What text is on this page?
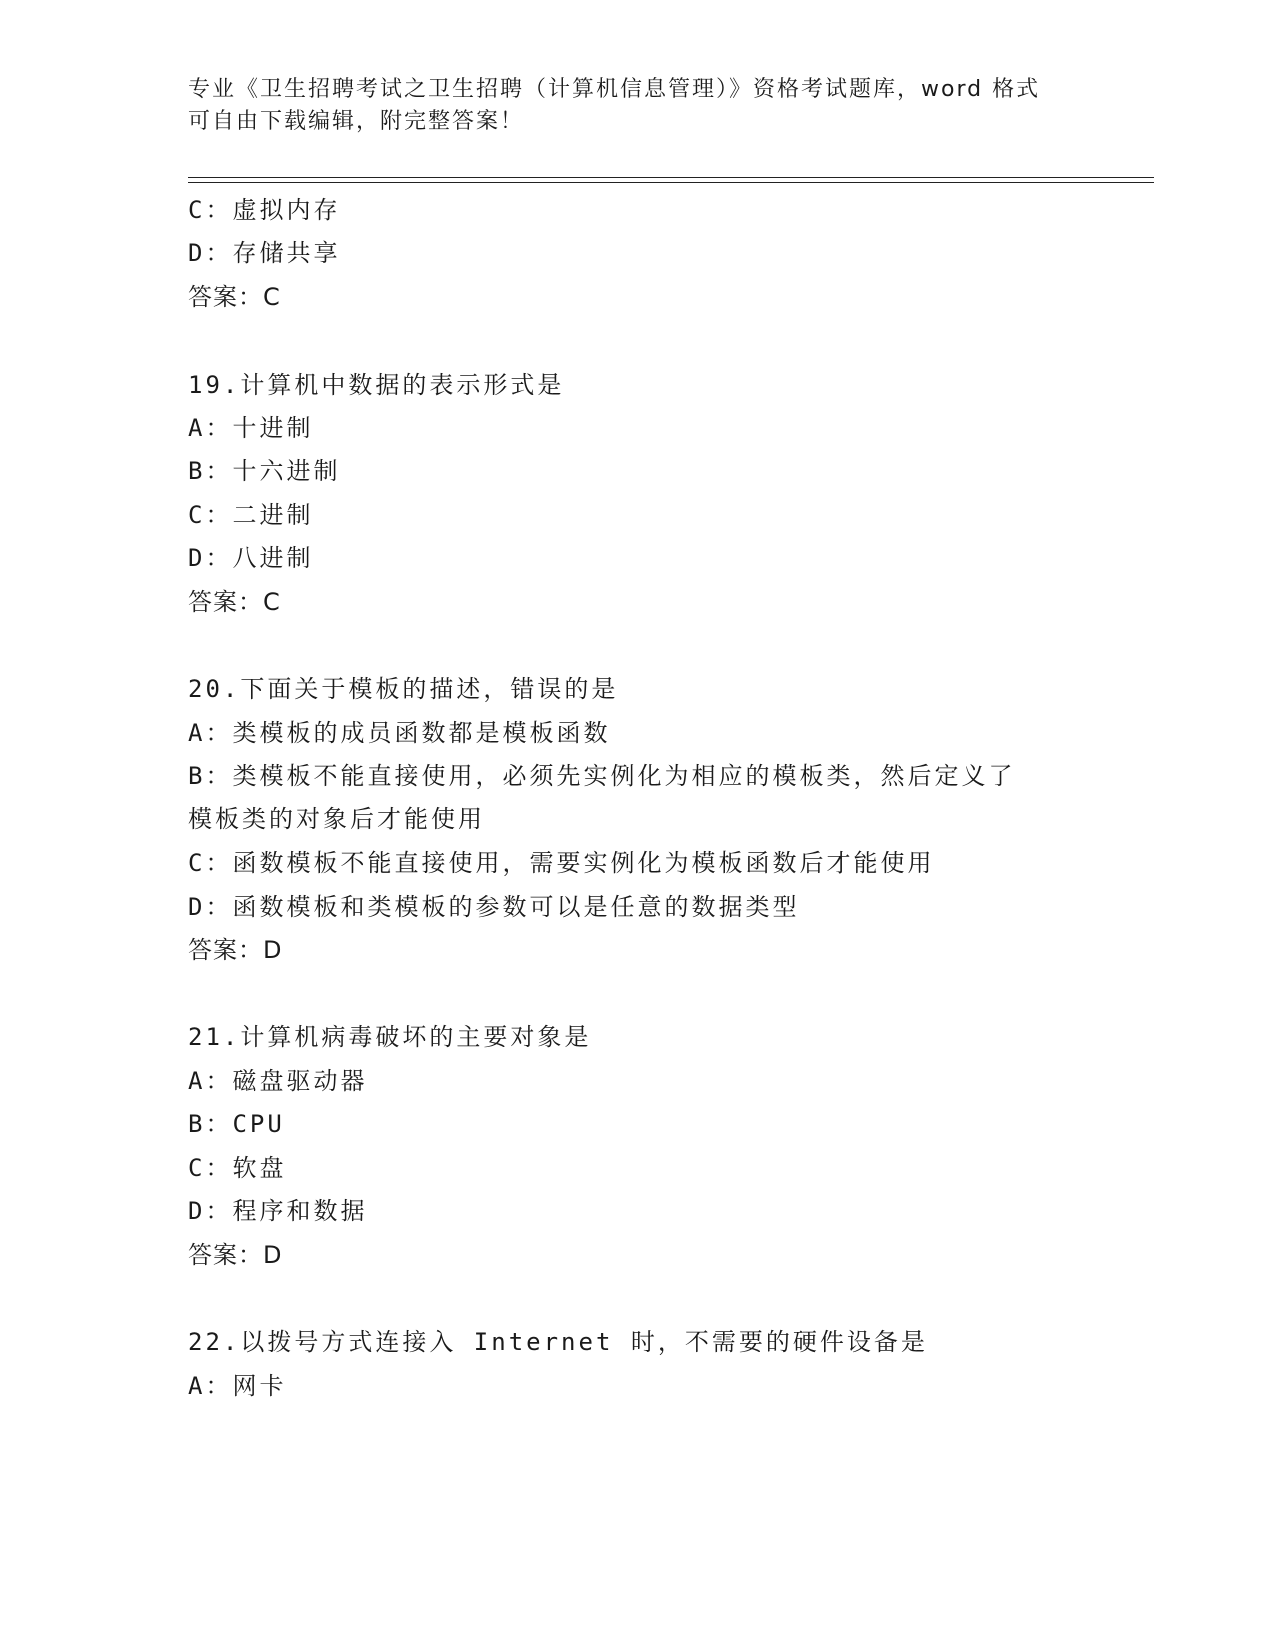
专业《卫生招聘考试之卫生招聘（计算机信息管理）》资格考试题库，word 格式
可自由下载编辑，附完整答案！
C：虚拟内存
D：存储共享
答案：C
19.计算机中数据的表示形式是
A：十进制
B：十六进制
C：二进制
D：八进制
答案：C
20.下面关于模板的描述，错误的是
A：类模板的成员函数都是模板函数
B：类模板不能直接使用，必须先实例化为相应的模板类，然后定义了
模板类的对象后才能使用
C：函数模板不能直接使用，需要实例化为模板函数后才能使用
D：函数模板和类模板的参数可以是任意的数据类型
答案：D
21.计算机病毒破坏的主要对象是
A：磁盘驱动器
B：CPU
C：软盘
D：程序和数据
答案：D
22.以拨号方式连接入 Internet 时，不需要的硬件设备是
A：网卡
